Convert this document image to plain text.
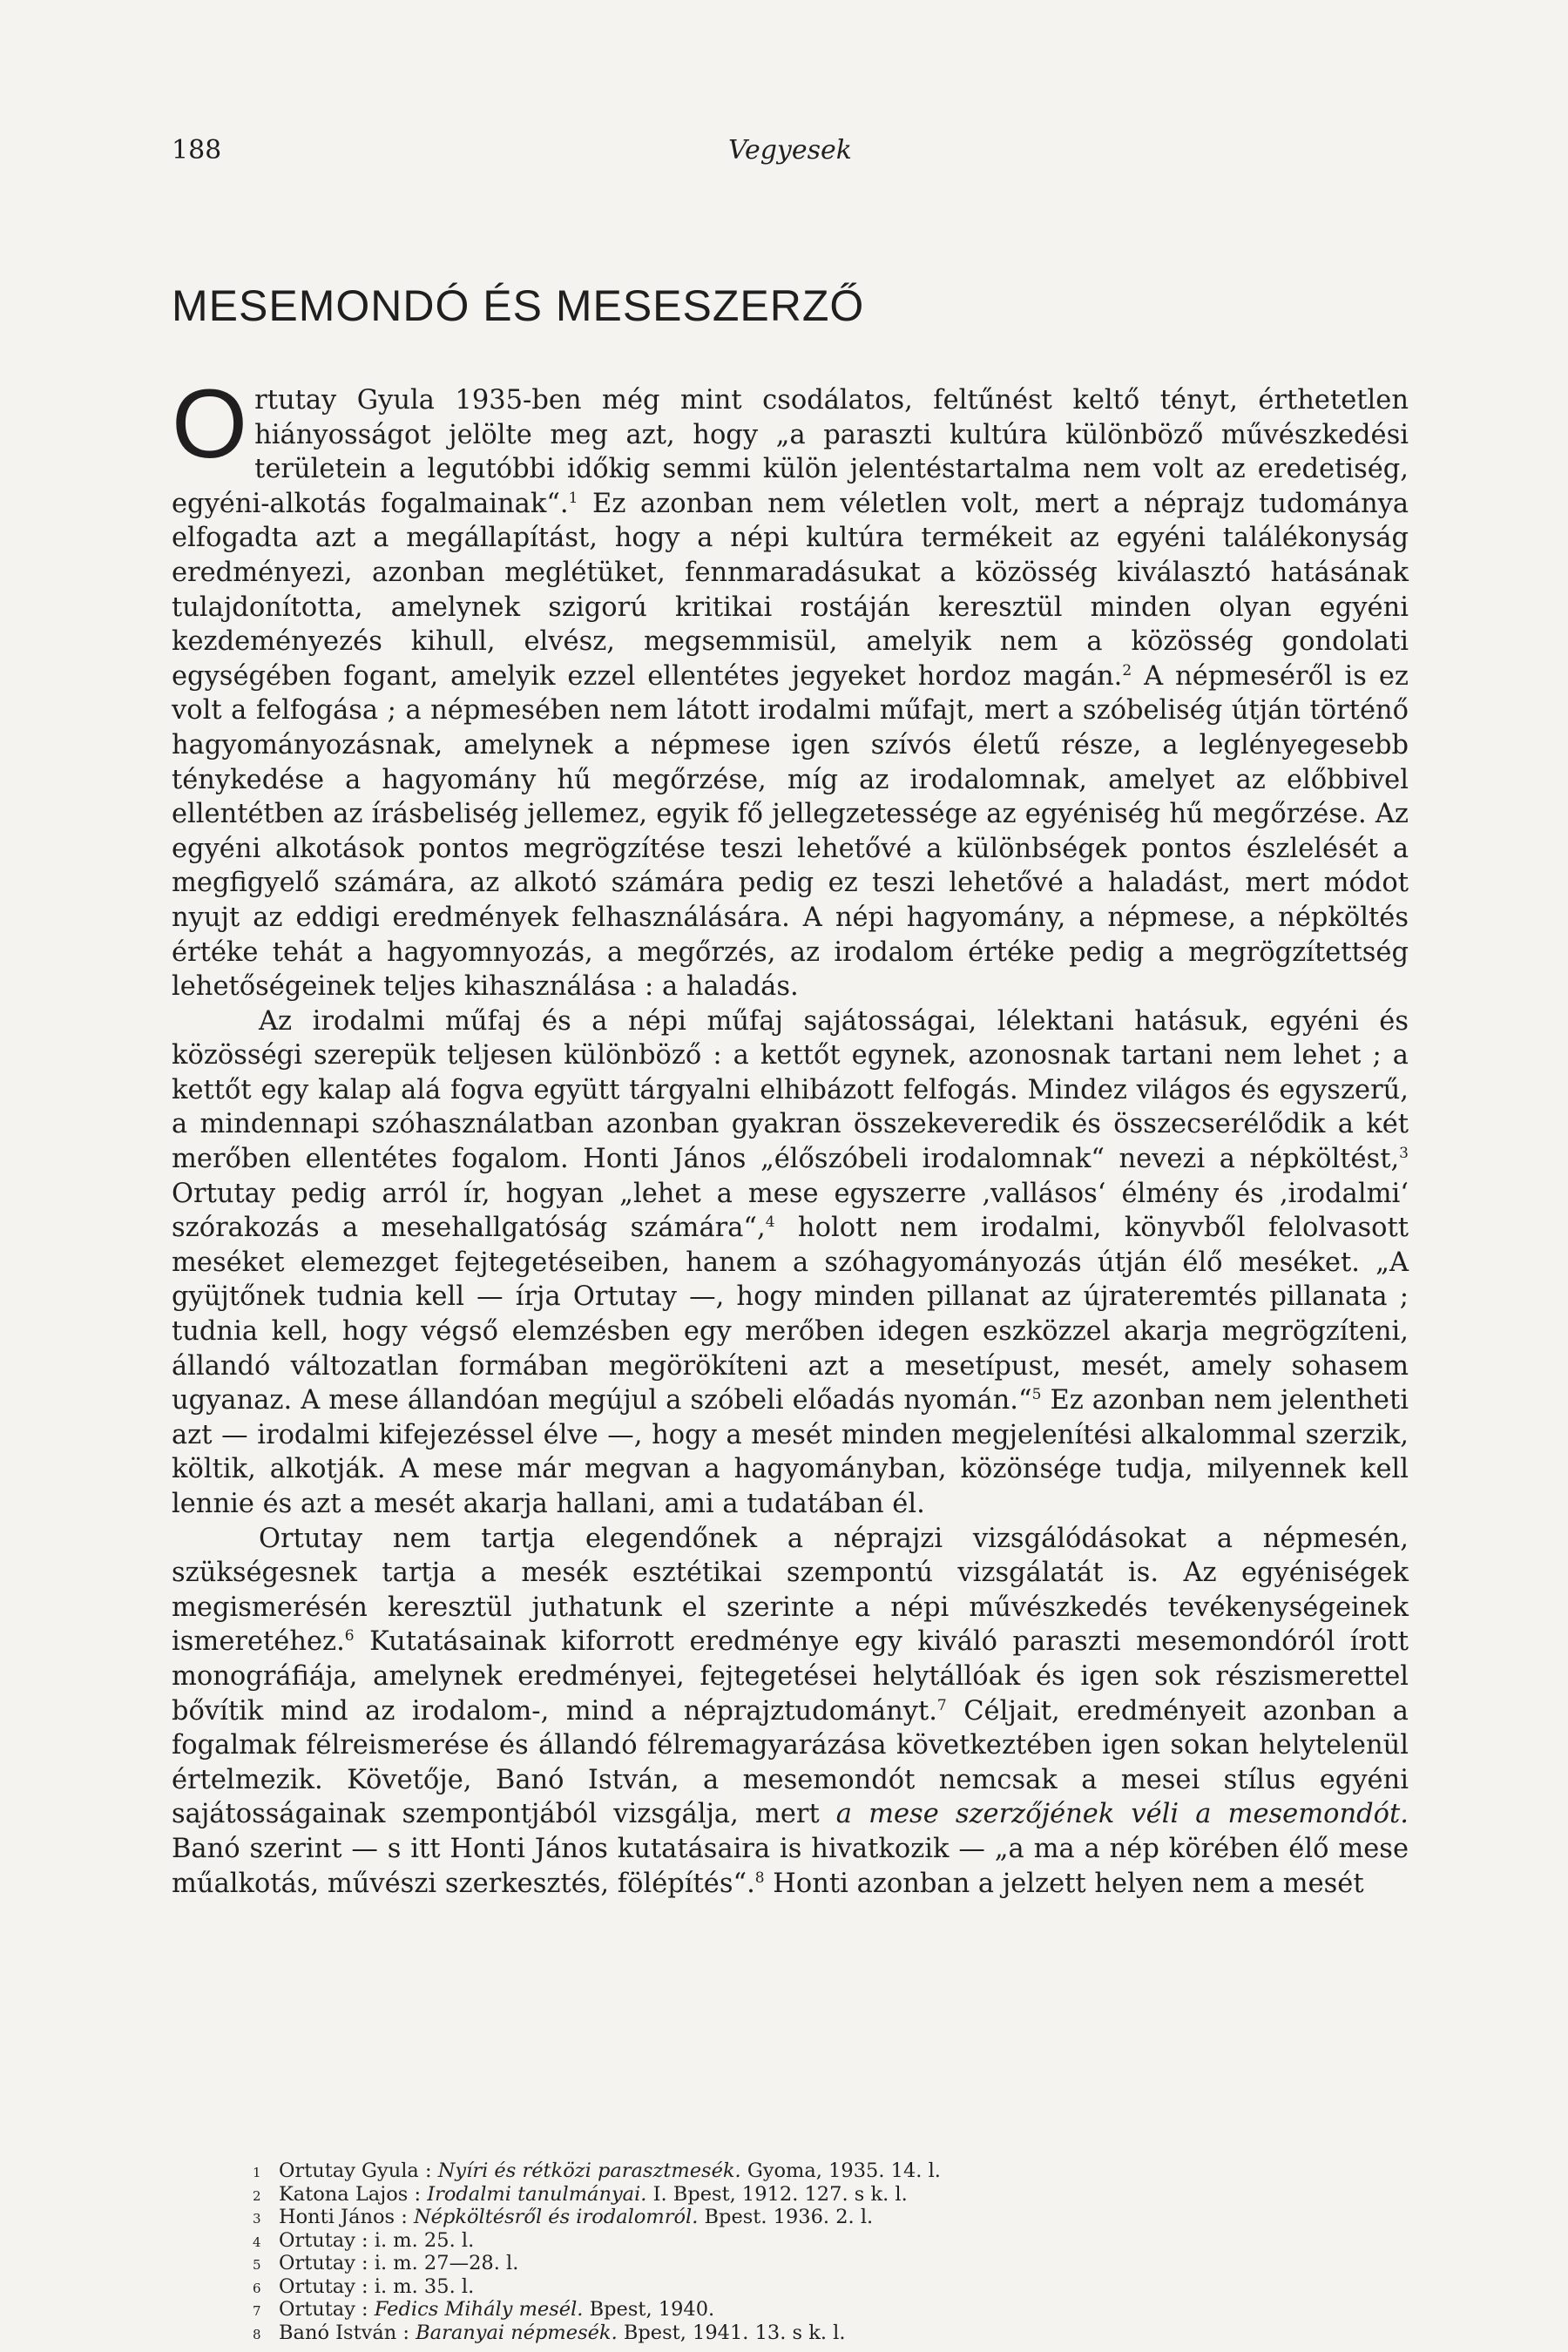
188	Vegyesek
MESEMONDÓ ÉS MESESZERZŐ

Ortutay Gyula 1935-ben még mint csodálatos, feltűnést keltő tényt, érthetetlen hiányosságot jelölte meg azt, hogy „a paraszti kultúra különböző művészkedési területein a legutóbbi időkig semmi külön jelentéstartalma nem volt az eredetiség, egyéni-alkotás fogalmainak“.$^1$ Ez azonban nem véletlen volt, mert a néprajz tudománya elfogadta azt a megállapítást, hogy a népi kultúra termékeit az egyéni találékonyság eredményezi, azonban meglétüket, fennmaradásukat a közösség kiválasztó hatásának tulajdonította, amelynek szigorú kritikai rostáján keresztül minden olyan egyéni kezdeményezés kihull, elvész, megsemmisül, amelyik nem a közösség gondolati egységében fogant, amelyik ezzel ellentétes jegyeket hordoz magán.$^2$ A népmeséről is ez volt a felfogása ; a népmesében nem látott irodalmi műfajt, mert a szóbeliség útján történő hagyományozásnak, amelynek a népmese igen szívós életű része, a leglényegesebb ténykedése a hagyomány hű megőrzése, míg az irodalomnak, amelyet az előbbivel ellentétben az írásbeliség jellemez, egyik fő jellegzetessége az egyéniség hű megőrzése. Az egyéni alkotások pontos megrögzítése teszi lehetővé a különbségek pontos észlelését a megfigyelő számára, az alkotó számára pedig ez teszi lehetővé a haladást, mert módot nyujt az eddigi eredmények felhasználására. A népi hagyomány, a népmese, a népköltés értéke tehát a hagyomnyozás, a megőrzés, az irodalom értéke pedig a megrögzítettség lehetőségeinek teljes kihasználása : a haladás.

Az irodalmi műfaj és a népi műfaj sajátosságai, lélektani hatásuk, egyéni és közösségi szerepük teljesen különböző : a kettőt egynek, azonosnak tartani nem lehet ; a kettőt egy kalap alá fogva együtt tárgyalni elhibázott felfogás. Mindez világos és egyszerű, a mindennapi szóhasználatban azonban gyakran összekeveredik és összecserélődik a két merőben ellentétes fogalom. Honti János „élőszóbeli irodalomnak“ nevezi a népköltést,$^3$ Ortutay pedig arról ír, hogyan „lehet a mese egyszerre ‚vallásos‘ élmény és ‚irodalmi‘ szórakozás a mesehallgatóság számára“,$^4$ holott nem irodalmi, könyvből felolvasott meséket elemezget fejtegetéseiben, hanem a szóhagyományozás útján élő meséket. „A gyüjtőnek tudnia kell — írja Ortutay —, hogy minden pillanat az újrateremtés pillanata ; tudnia kell, hogy végső elemzésben egy merőben idegen eszközzel akarja megrögzíteni, állandó változatlan formában megörökíteni azt a mesetípust, mesét, amely sohasem ugyanaz. A mese állandóan megújul a szóbeli előadás nyomán.“$^5$ Ez azonban nem jelentheti azt — irodalmi kifejezéssel élve —, hogy a mesét minden megjelenítési alkalommal szerzik, költik, alkotják. A mese már megvan a hagyományban, közönsége tudja, milyennek kell lennie és azt a mesét akarja hallani, ami a tudatában él.

Ortutay nem tartja elegendőnek a néprajzi vizsgálódásokat a népmesén, szükségesnek tartja a mesék esztétikai szempontú vizsgálatát is. Az egyéniségek megismerésén keresztül juthatunk el szerinte a népi művészkedés tevékenységeinek ismeretéhez.$^6$ Kutatásainak kiforrott eredménye egy kiváló paraszti mesemondóról írott monográfiája, amelynek eredményei, fejtegetései helytállóak és igen sok részismerettel bővítik mind az irodalom-, mind a néprajztudományt.$^7$ Céljait, eredményeit azonban a fogalmak félreismerése és állandó félremagyarázása következtében igen sokan helytelenül értelmezik. Követője, Banó István, a mesemondót nemcsak a mesei stílus egyéni sajátosságainak szempontjából vizsgálja, mert a mese szerzőjének véli a mesemondót. Banó szerint — s itt Honti János kutatásaira is hivatkozik — „a ma a nép körében élő mese műalkotás, művészi szerkesztés, fölépítés“.$^8$ Honti azonban a jelzett helyen nem a mesét

1 Ortutay Gyula : Nyíri és rétközi parasztmesék. Gyoma, 1935. 14. l.
2 Katona Lajos : Irodalmi tanulmányai. I. Bpest, 1912. 127. s k. l.
3 Honti János : Népköltésről és irodalomról. Bpest. 1936. 2. l.
4 Ortutay : i. m. 25. l.
5 Ortutay : i. m. 27—28. l.
6 Ortutay : i. m. 35. l.
7 Ortutay : Fedics Mihály mesél. Bpest, 1940.
8 Banó István : Baranyai népmesék. Bpest, 1941. 13. s k. l.
